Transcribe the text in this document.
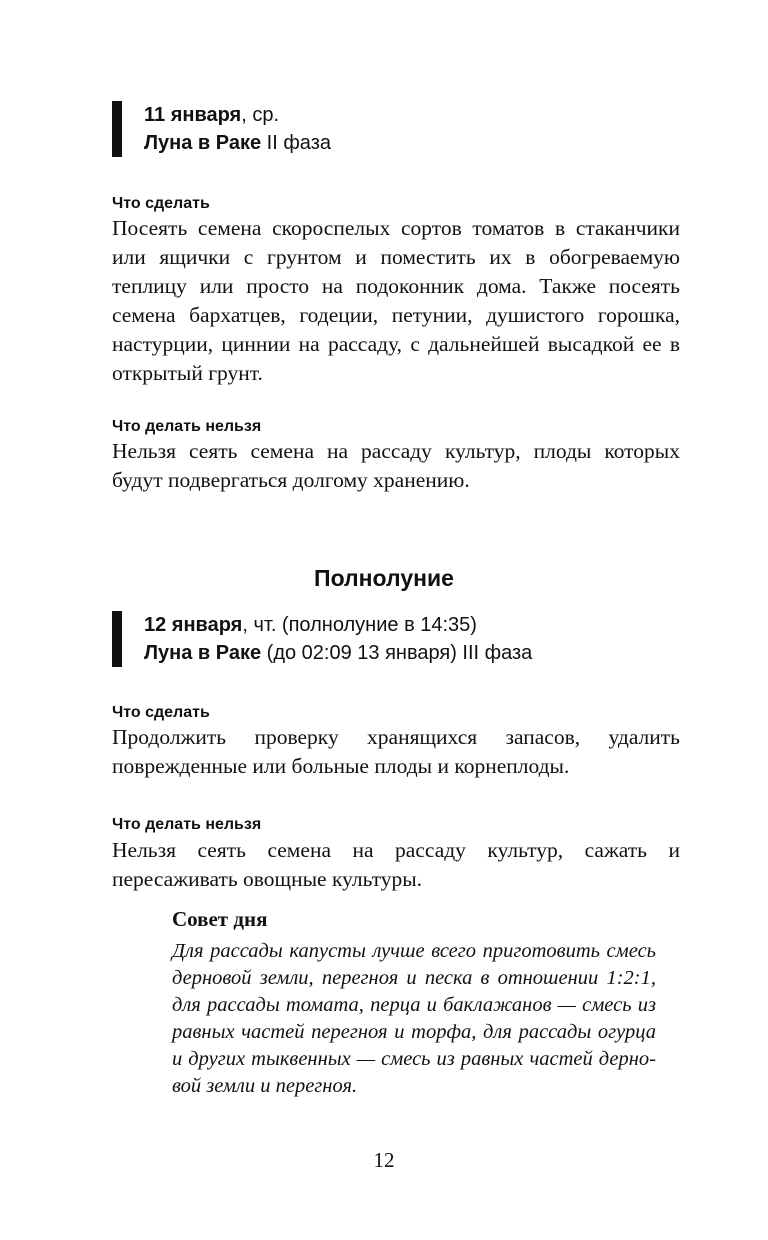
11 января, ср.
Луна в Раке II фаза
Что сделать
Посеять семена скороспелых сортов томатов в стаканчики или ящички с грунтом и поместить их в обогреваемую теплицу или просто на подоконник дома. Также посеять семена бархатцев, годеции, петунии, душистого горошка, настурции, циннии на рассаду, с дальнейшей высадкой ее в открытый грунт.
Что делать нельзя
Нельзя сеять семена на рассаду культур, плоды которых будут подвергаться долгому хранению.
Полнолуние
12 января, чт. (полнолуние в 14:35)
Луна в Раке (до 02:09 13 января) III фаза
Что сделать
Продолжить проверку хранящихся запасов, удалить поврежденные или больные плоды и корнеплоды.
Что делать нельзя
Нельзя сеять семена на рассаду культур, сажать и пересаживать овощные культуры.
Совет дня
Для рассады капусты лучше всего приготовить смесь дерновой земли, перегноя и песка в отношении 1:2:1, для рассады томата, перца и баклажанов — смесь из равных частей перегноя и торфа, для рассады огурца и других тыквенных — смесь из равных частей дерновой земли и перегноя.
12
